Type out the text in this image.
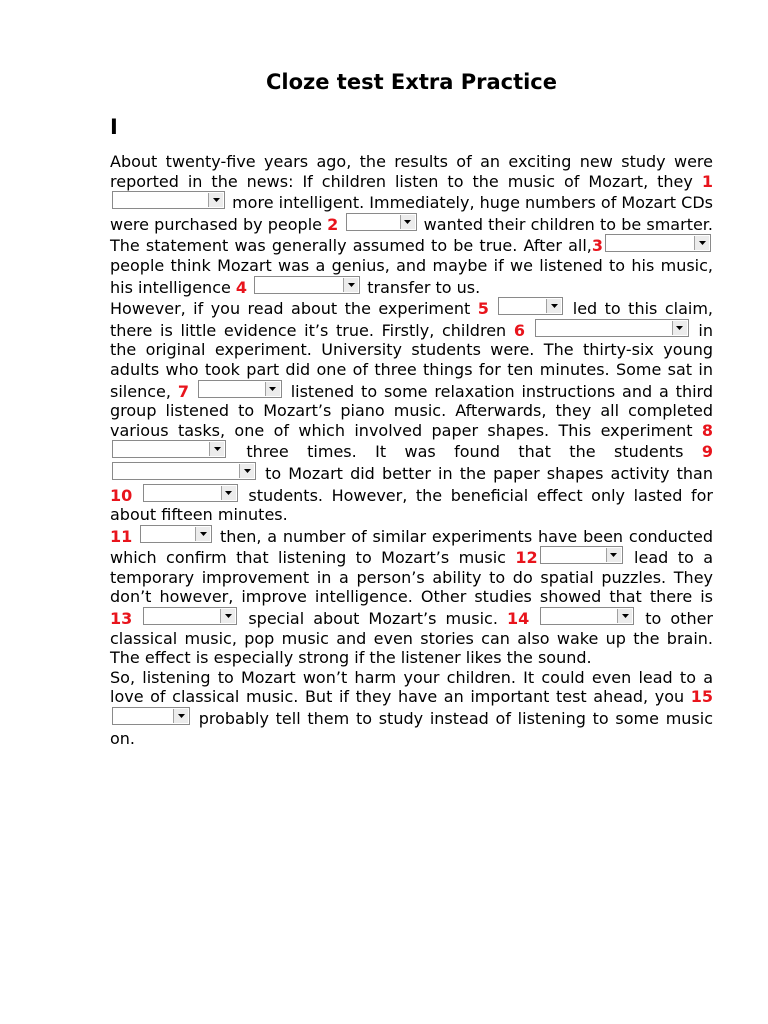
Cloze test Extra Practice
I

About twenty-five years ago, the results of an exciting new study were reported in the news: If children listen to the music of Mozart, they 1
more intelligent. Immediately, huge numbers of Mozart CDs were purchased by people 2	wanted their children to be smarter. The statement was generally assumed to be true. After all,3
people think Mozart was a genius, and maybe if we listened to his music, his intelligence 4	transfer to us.

However, if you read about the experiment 5	led to this claim, there is little evidence it’s true. Firstly, children 6	in the original experiment. University students were. The thirty-six young adults who took part did one of three things for ten minutes. Some sat in silence, 7	listened to some relaxation instructions and a third group listened to Mozart’s piano music. Afterwards, they all completed various tasks, one of which involved paper shapes. This experiment 8
three times. It was found that the students 9
to Mozart did better in the paper shapes activity than 10	students. However, the beneficial effect only lasted for about fifteen minutes.

11	then, a number of similar experiments have been conducted which confirm that listening to Mozart’s music 12	lead to a temporary improvement in a person’s ability to do spatial puzzles. They don’t however, improve intelligence. Other studies showed that there is 13	special about Mozart’s music. 14	to other classical music, pop music and even stories can also wake up the brain. The effect is especially strong if the listener likes the sound.

So, listening to Mozart won’t harm your children. It could even lead to a love of classical music. But if they have an important test ahead, you 15
probably tell them to study instead of listening to some music on.
